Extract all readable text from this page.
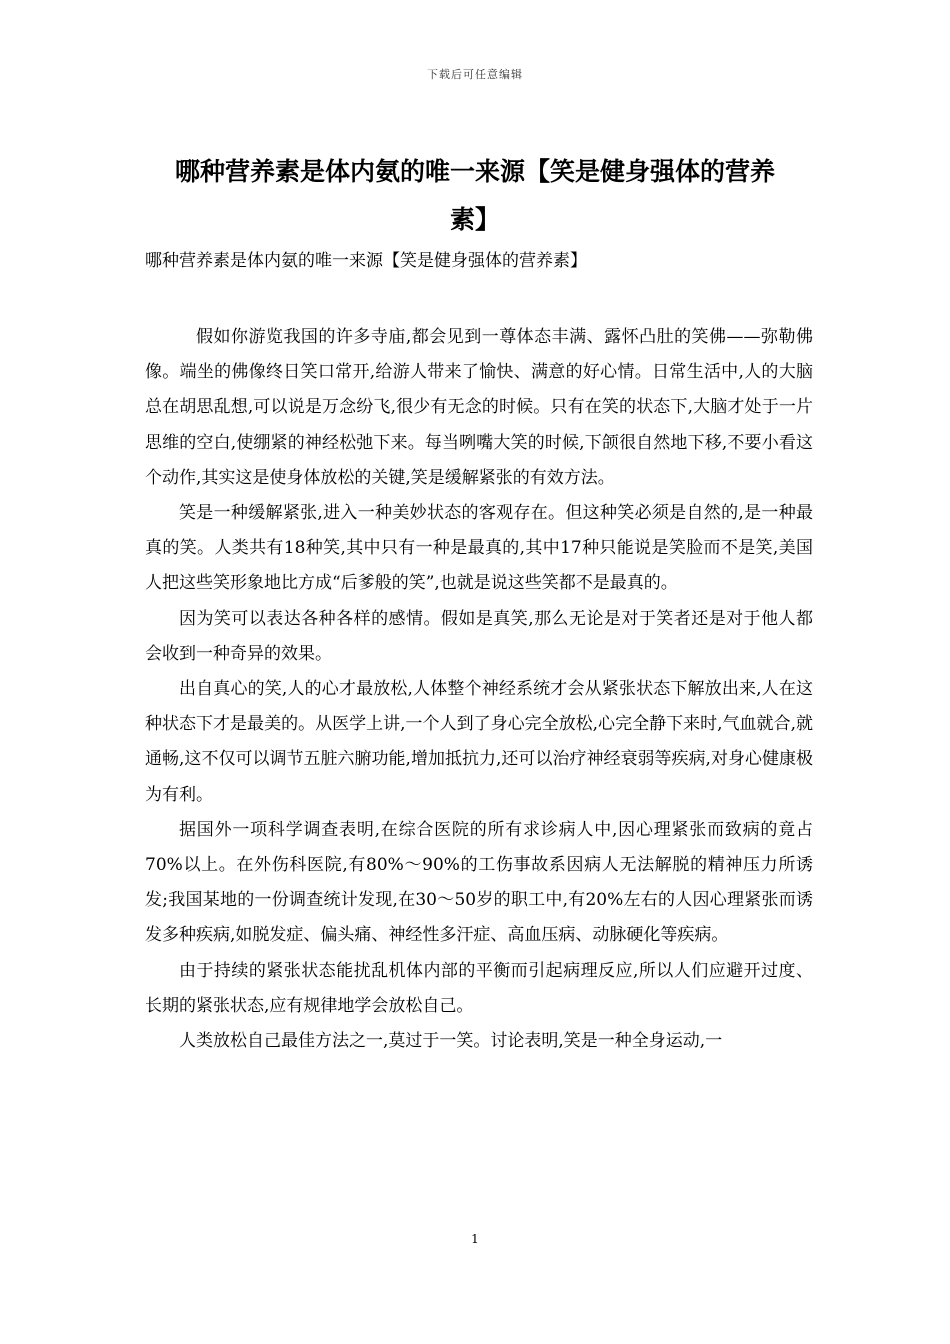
下载后可任意编辑
哪种营养素是体内氨的唯一来源【笑是健身强体的营养
素】
哪种营养素是体内氨的唯一来源【笑是健身强体的营养素】

假如你游览我国的许多寺庙,都会见到一尊体态丰满、露怀凸肚的笑佛——弥勒佛像。端坐的佛像终日笑口常开,给游人带来了愉快、满意的好心情。日常生活中,人的大脑总在胡思乱想,可以说是万念纷飞,很少有无念的时候。只有在笑的状态下,大脑才处于一片思维的空白,使绷紧的神经松弛下来。每当咧嘴大笑的时候,下颌很自然地下移,不要小看这个动作,其实这是使身体放松的关键,笑是缓解紧张的有效方法。

笑是一种缓解紧张,进入一种美妙状态的客观存在。但这种笑必须是自然的,是一种最真的笑。人类共有18种笑,其中只有一种是最真的,其中17种只能说是笑脸而不是笑,美国人把这些笑形象地比方成“后爹般的笑”,也就是说这些笑都不是最真的。

因为笑可以表达各种各样的感情。假如是真笑,那么无论是对于笑者还是对于他人都会收到一种奇异的效果。

出自真心的笑,人的心才最放松,人体整个神经系统才会从紧张状态下解放出来,人在这种状态下才是最美的。从医学上讲,一个人到了身心完全放松,心完全静下来时,气血就合,就通畅,这不仅可以调节五脏六腑功能,增加抵抗力,还可以治疗神经衰弱等疾病,对身心健康极为有利。

据国外一项科学调查表明,在综合医院的所有求诊病人中,因心理紧张而致病的竟占70%以上。在外伤科医院,有80%～90%的工伤事故系因病人无法解脱的精神压力所诱发;我国某地的一份调查统计发现,在30～50岁的职工中,有20%左右的人因心理紧张而诱发多种疾病,如脱发症、偏头痛、神经性多汗症、高血压病、动脉硬化等疾病。

由于持续的紧张状态能扰乱机体内部的平衡而引起病理反应,所以人们应避开过度、长期的紧张状态,应有规律地学会放松自己。

人类放松自己最佳方法之一,莫过于一笑。讨论表明,笑是一种全身运动,一

1
